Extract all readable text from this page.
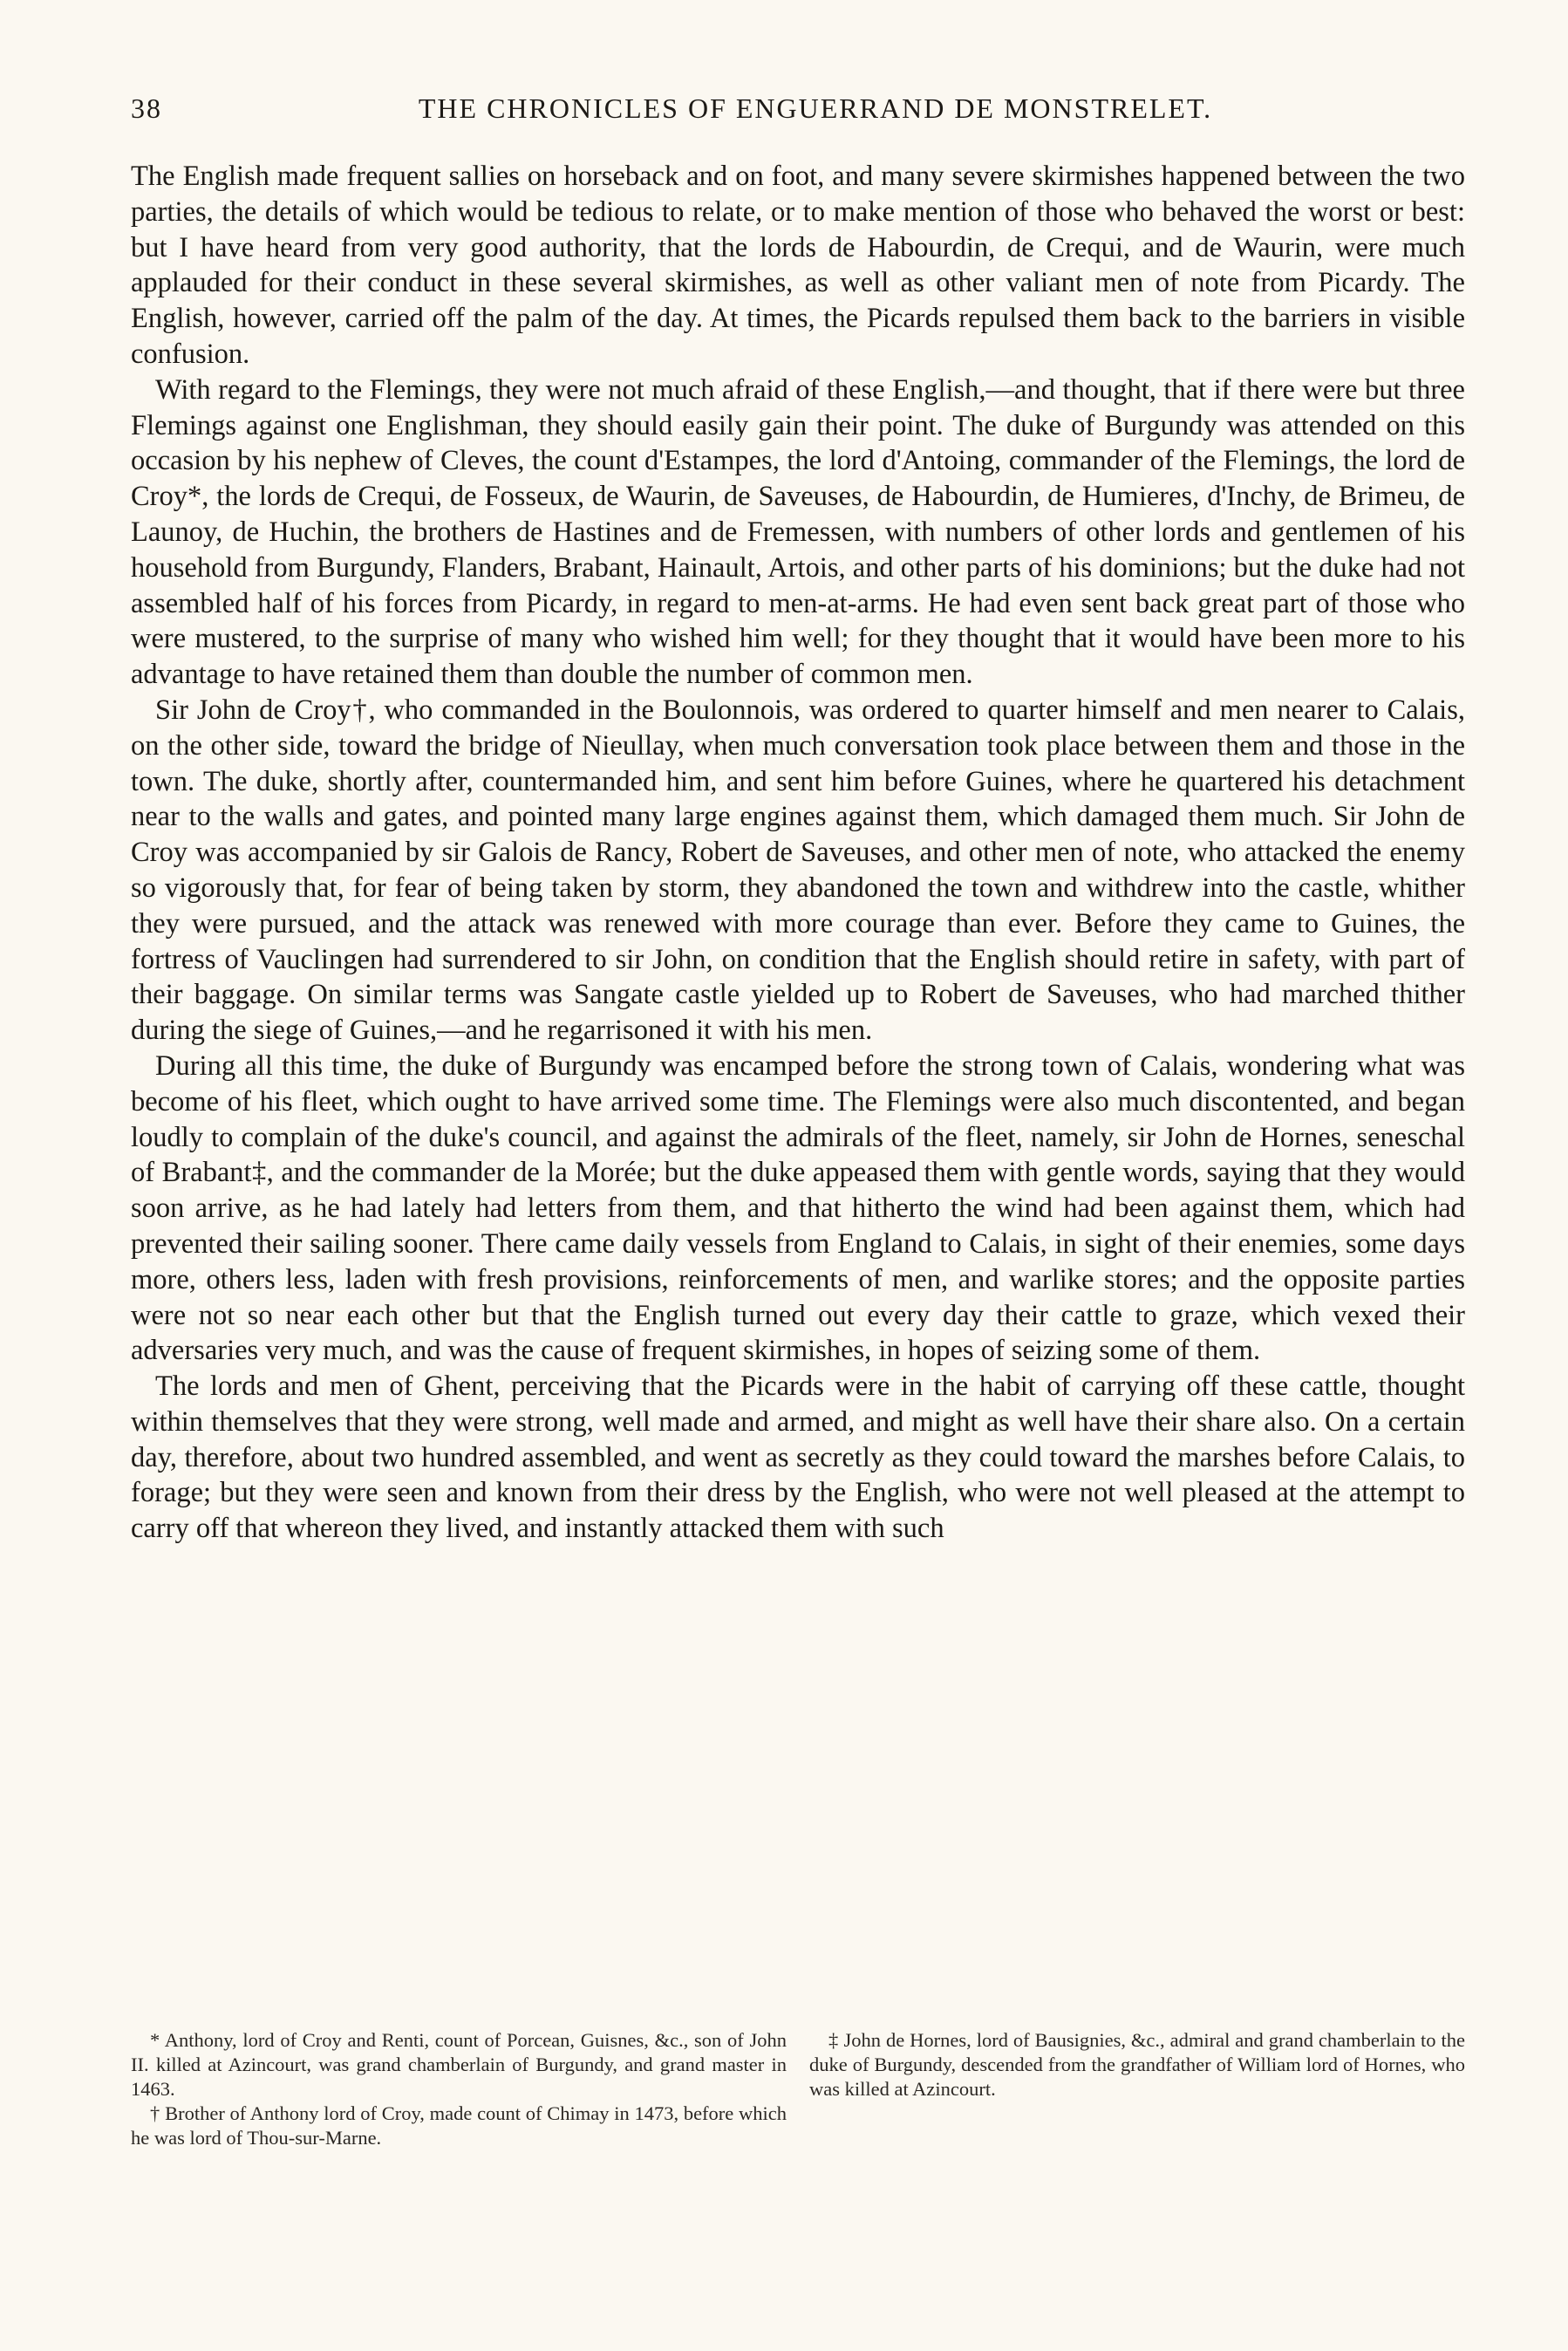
38	THE CHRONICLES OF ENGUERRAND DE MONSTRELET.

The English made frequent sallies on horseback and on foot, and many severe skirmishes happened between the two parties, the details of which would be tedious to relate, or to make mention of those who behaved the worst or best: but I have heard from very good authority, that the lords de Habourdin, de Crequi, and de Waurin, were much applauded for their conduct in these several skirmishes, as well as other valiant men of note from Picardy. The English, however, carried off the palm of the day. At times, the Picards repulsed them back to the barriers in visible confusion.

With regard to the Flemings, they were not much afraid of these English,—and thought, that if there were but three Flemings against one Englishman, they should easily gain their point. The duke of Burgundy was attended on this occasion by his nephew of Cleves, the count d'Estampes, the lord d'Antoing, commander of the Flemings, the lord de Croy*, the lords de Crequi, de Fosseux, de Waurin, de Saveuses, de Habourdin, de Humieres, d'Inchy, de Brimeu, de Launoy, de Huchin, the brothers de Hastines and de Fremessen, with numbers of other lords and gentlemen of his household from Burgundy, Flanders, Brabant, Hainault, Artois, and other parts of his dominions; but the duke had not assembled half of his forces from Picardy, in regard to men-at-arms. He had even sent back great part of those who were mustered, to the surprise of many who wished him well; for they thought that it would have been more to his advantage to have retained them than double the number of common men.

Sir John de Croy†, who commanded in the Boulonnois, was ordered to quarter himself and men nearer to Calais, on the other side, toward the bridge of Nieullay, when much conversation took place between them and those in the town. The duke, shortly after, countermanded him, and sent him before Guines, where he quartered his detachment near to the walls and gates, and pointed many large engines against them, which damaged them much. Sir John de Croy was accompanied by sir Galois de Rancy, Robert de Saveuses, and other men of note, who attacked the enemy so vigorously that, for fear of being taken by storm, they abandoned the town and withdrew into the castle, whither they were pursued, and the attack was renewed with more courage than ever. Before they came to Guines, the fortress of Vauclingen had surrendered to sir John, on condition that the English should retire in safety, with part of their baggage. On similar terms was Sangate castle yielded up to Robert de Saveuses, who had marched thither during the siege of Guines,—and he regarrisoned it with his men.

During all this time, the duke of Burgundy was encamped before the strong town of Calais, wondering what was become of his fleet, which ought to have arrived some time. The Flemings were also much discontented, and began loudly to complain of the duke's council, and against the admirals of the fleet, namely, sir John de Hornes, seneschal of Brabant‡, and the commander de la Morée; but the duke appeased them with gentle words, saying that they would soon arrive, as he had lately had letters from them, and that hitherto the wind had been against them, which had prevented their sailing sooner. There came daily vessels from England to Calais, in sight of their enemies, some days more, others less, laden with fresh provisions, reinforcements of men, and warlike stores; and the opposite parties were not so near each other but that the English turned out every day their cattle to graze, which vexed their adversaries very much, and was the cause of frequent skirmishes, in hopes of seizing some of them.

The lords and men of Ghent, perceiving that the Picards were in the habit of carrying off these cattle, thought within themselves that they were strong, well made and armed, and might as well have their share also. On a certain day, therefore, about two hundred assembled, and went as secretly as they could toward the marshes before Calais, to forage; but they were seen and known from their dress by the English, who were not well pleased at the attempt to carry off that whereon they lived, and instantly attacked them with such

* Anthony, lord of Croy and Renti, count of Porcean, Guisnes, &c., son of John II. killed at Azincourt, was grand chamberlain of Burgundy, and grand master in 1463.

† Brother of Anthony lord of Croy, made count of Chimay in 1473, before which he was lord of Thou-sur-Marne.

‡ John de Hornes, lord of Bausignies, &c., admiral and grand chamberlain to the duke of Burgundy, descended from the grandfather of William lord of Hornes, who was killed at Azincourt.
